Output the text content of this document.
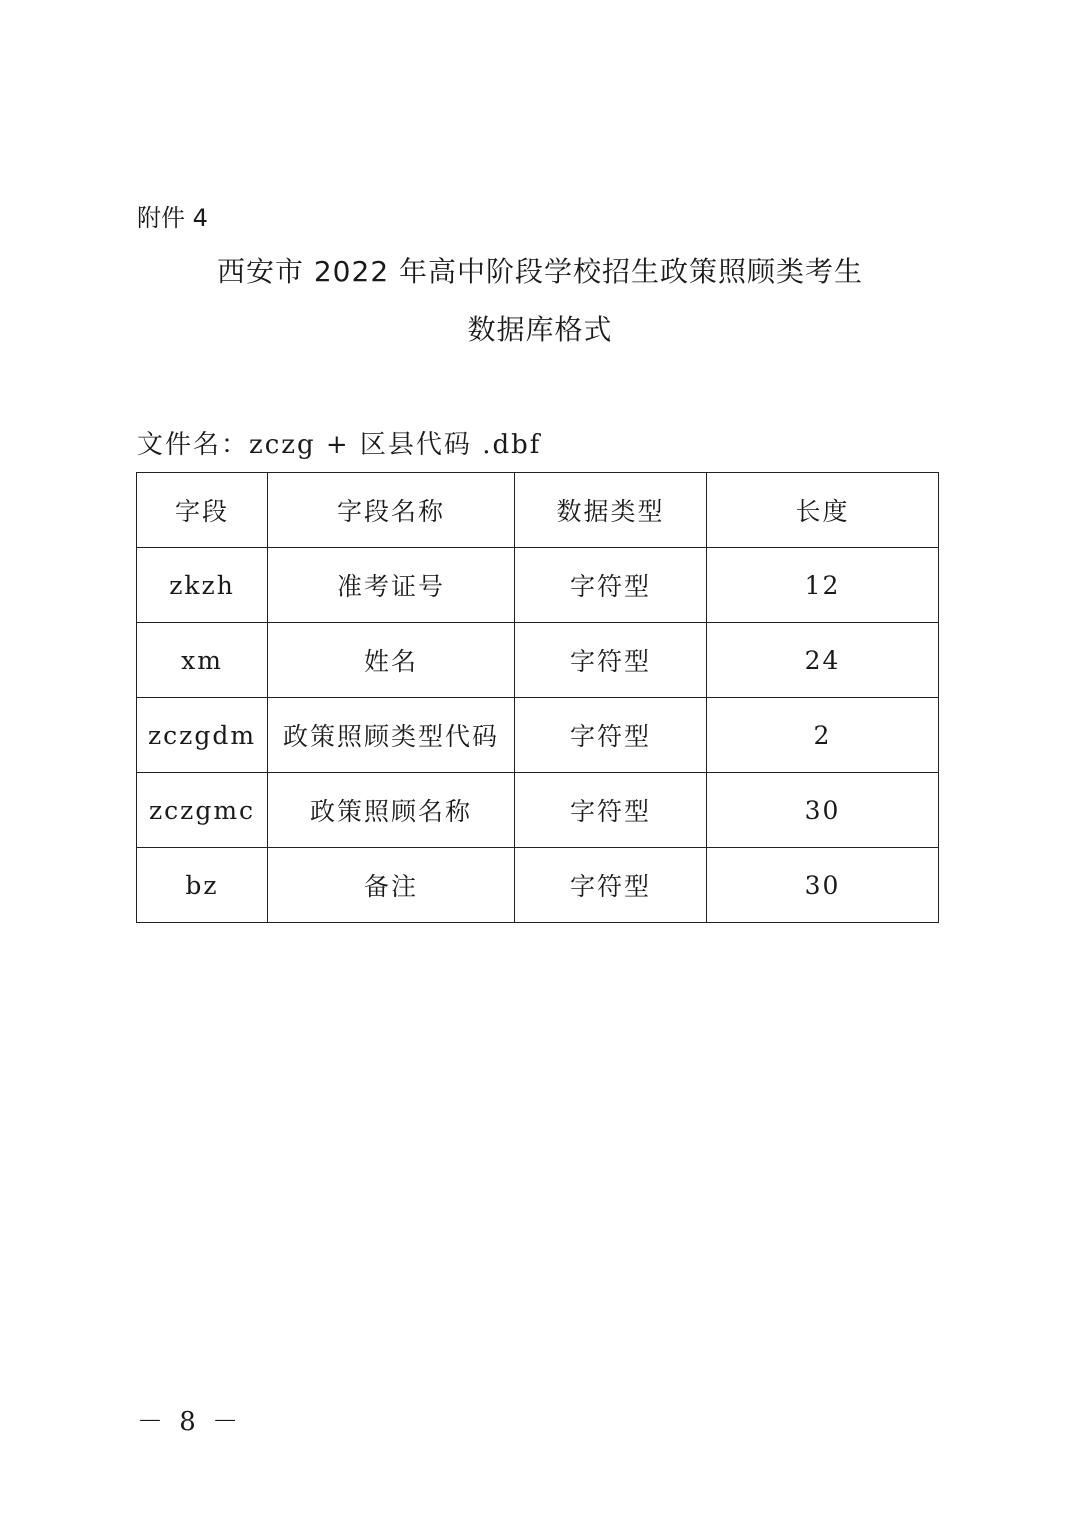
附件 4
西安市 2022 年高中阶段学校招生政策照顾类考生
数据库格式
文件名：zczg + 区县代码 .dbf
字段	字段名称	数据类型	长度
zkzh	准考证号	字符型	12
xm	姓名	字符型	24
zczgdm	政策照顾类型代码	字符型	2
zczgmc	政策照顾名称	字符型	30
bz	备注	字符型	30
－ 8 －
